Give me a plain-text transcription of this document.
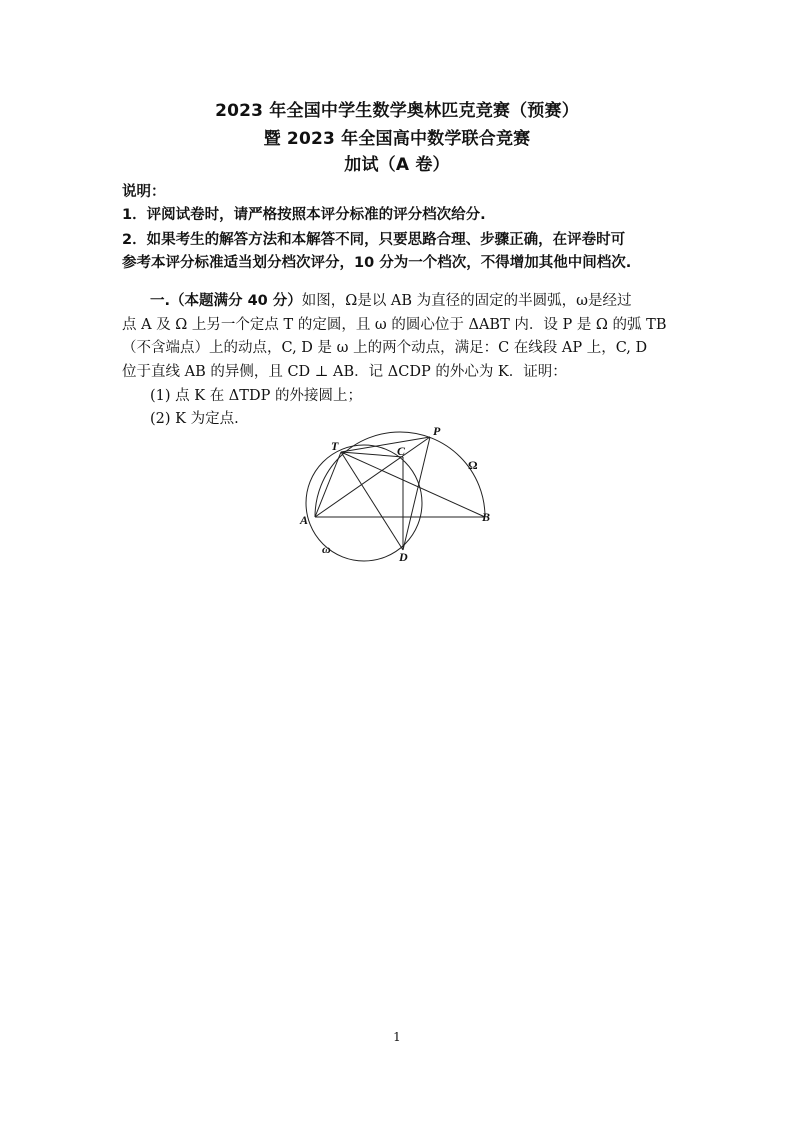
2023 年全国中学生数学奥林匹克竞赛（预赛）
暨 2023 年全国高中数学联合竞赛
加试（A 卷）
说明：
1．评阅试卷时，请严格按照本评分标准的评分档次给分.
2．如果考生的解答方法和本解答不同，只要思路合理、步骤正确，在评卷时可
参考本评分标准适当划分档次评分，10 分为一个档次，不得增加其他中间档次.
一.（本题满分 40 分）如图，Ω是以 AB 为直径的固定的半圆弧，ω是经过
点 A 及 Ω 上另一个定点 T 的定圆，且 ω 的圆心位于 ΔABT 内．设 P 是 Ω 的弧 TB
（不含端点）上的动点，C, D 是 ω 上的两个动点，满足：C 在线段 AP 上，C, D
位于直线 AB 的异侧，且 CD ⊥ AB．记 ΔCDP 的外心为 K．证明：
(1) 点 K 在 ΔTDP 的外接圆上；
(2) K 为定点.
T
P
C
A	B
D
Ω
ω
1
